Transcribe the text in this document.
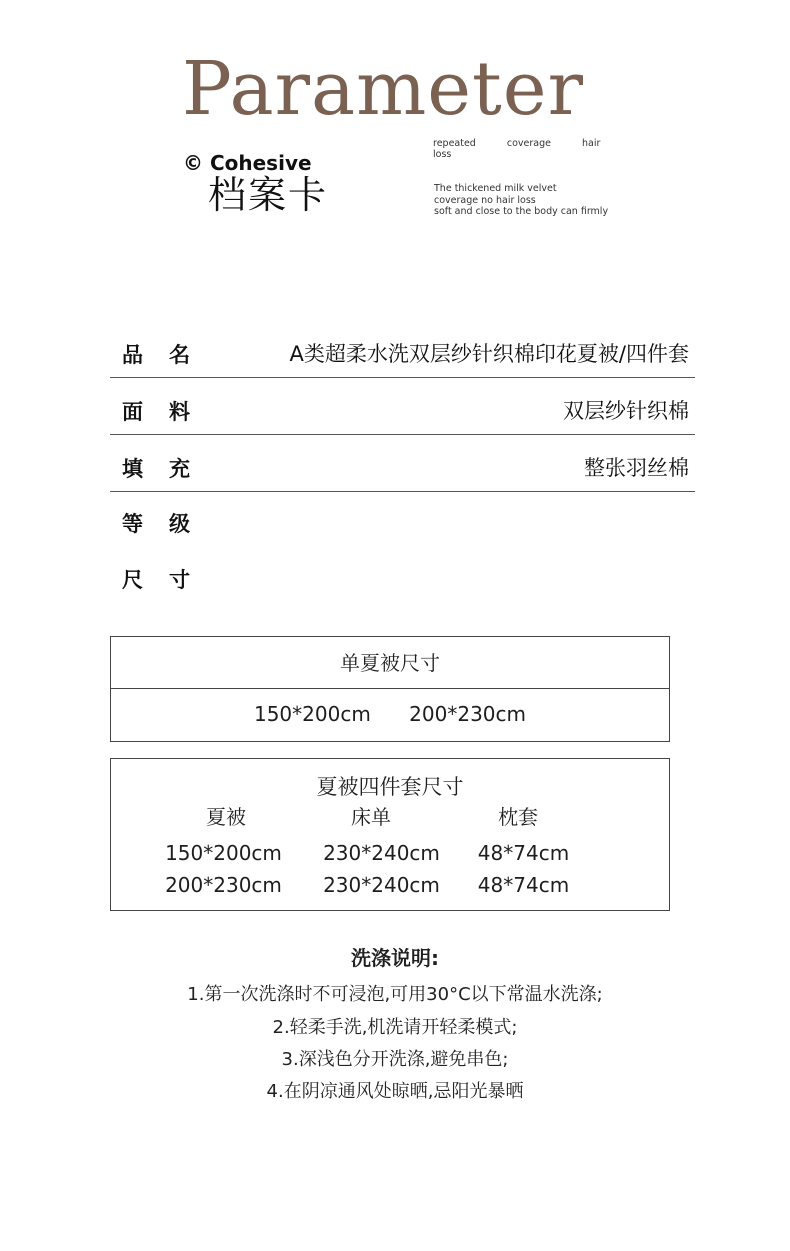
Parameter
repeated	coverage	hair loss
© Cohesive
档案卡	The thickened milk velvet
coverage no hair loss
soft and close to the body can firmly
品名	A类超柔水洗双层纱针织棉印花夏被/四件套
面料	双层纱针织棉
填充	整张羽丝棉
等级
尺寸
单夏被尺寸
150*200cm 200*230cm
夏被四件套尺寸
夏被	床单	枕套
150*200cm	230*240cm	48*74cm
200*230cm	230*240cm	48*74cm
洗涤说明:
1.第一次洗涤时不可浸泡,可用30°C以下常温水洗涤;
2.轻柔手洗,机洗请开轻柔模式;
3.深浅色分开洗涤,避免串色;
4.在阴凉通风处晾晒,忌阳光暴晒
